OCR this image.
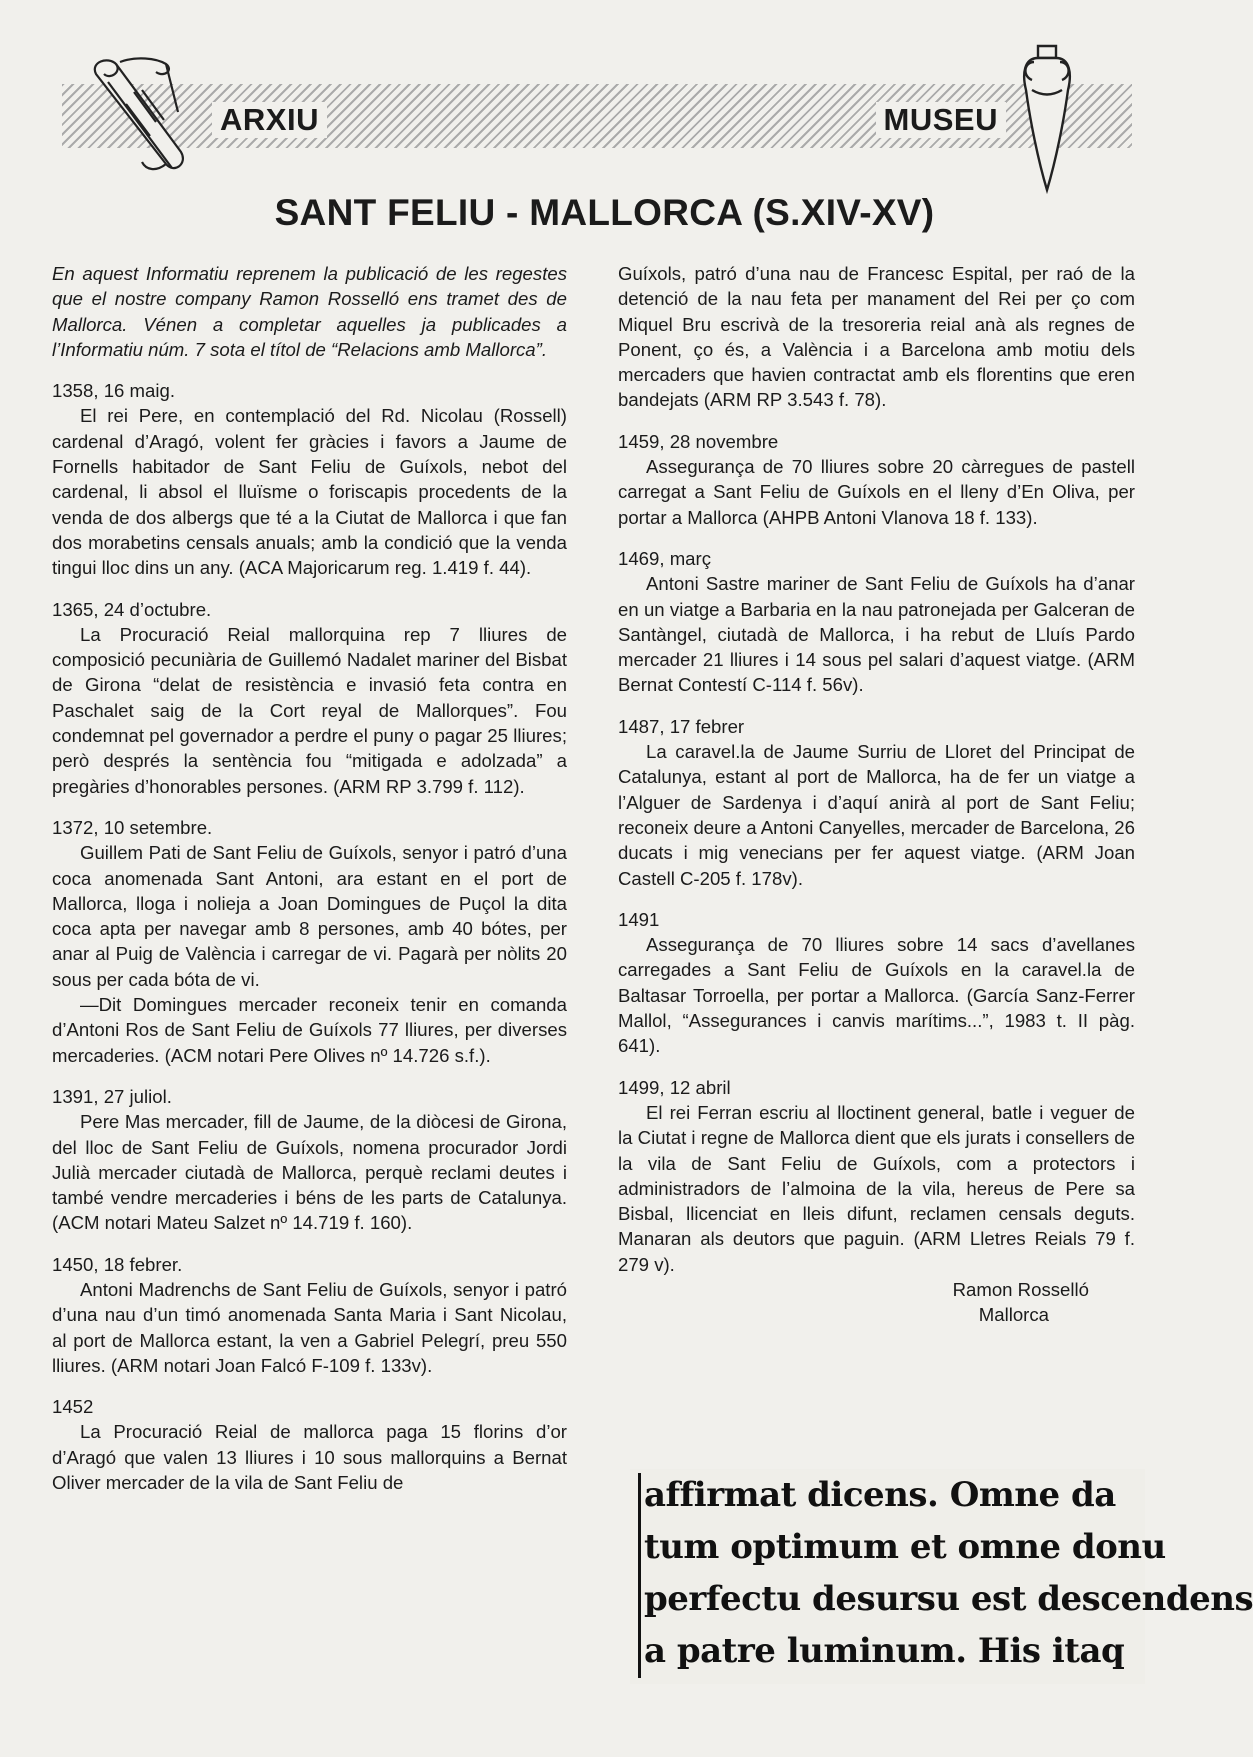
ARXIU	MUSEU
SANT FELIU - MALLORCA (S.XIV-XV)

En aquest Informatiu reprenem la publicació de les regestes que el nostre company Ramon Rosselló ens tramet des de Mallorca. Vénen a completar aquelles ja publicades a l’Informatiu núm. 7 sota el títol de “Relacions amb Mallorca”.

1358, 16 maig.

El rei Pere, en contemplació del Rd. Nicolau (Rossell) cardenal d’Aragó, volent fer gràcies i favors a Jaume de Fornells habitador de Sant Feliu de Guíxols, nebot del cardenal, li absol el lluïsme o foriscapis procedents de la venda de dos albergs que té a la Ciutat de Mallorca i que fan dos morabetins censals anuals; amb la condició que la venda tingui lloc dins un any. (ACA Majoricarum reg. 1.419 f. 44).

1365, 24 d’octubre.

La Procuració Reial mallorquina rep 7 lliures de composició pecuniària de Guillemó Nadalet mariner del Bisbat de Girona “delat de resistència e invasió feta contra en Paschalet saig de la Cort reyal de Mallorques”. Fou condemnat pel governador a perdre el puny o pagar 25 lliures; però després la sentència fou “mitigada e adolzada” a pregàries d’honorables persones. (ARM RP 3.799 f. 112).

1372, 10 setembre.

Guillem Pati de Sant Feliu de Guíxols, senyor i patró d’una coca anomenada Sant Antoni, ara estant en el port de Mallorca, lloga i nolieja a Joan Domingues de Puçol la dita coca apta per navegar amb 8 persones, amb 40 bótes, per anar al Puig de València i carregar de vi. Pagarà per nòlits 20 sous per cada bóta de vi.

—Dit Domingues mercader reconeix tenir en comanda d’Antoni Ros de Sant Feliu de Guíxols 77 lliures, per diverses mercaderies. (ACM notari Pere Olives nº 14.726 s.f.).

1391, 27 juliol.

Pere Mas mercader, fill de Jaume, de la diòcesi de Girona, del lloc de Sant Feliu de Guíxols, nomena procurador Jordi Julià mercader ciutadà de Mallorca, perquè reclami deutes i també vendre mercaderies i béns de les parts de Catalunya. (ACM notari Mateu Salzet nº 14.719 f. 160).

1450, 18 febrer.

Antoni Madrenchs de Sant Feliu de Guíxols, senyor i patró d’una nau d’un timó anomenada Santa Maria i Sant Nicolau, al port de Mallorca estant, la ven a Gabriel Pelegrí, preu 550 lliures. (ARM notari Joan Falcó F-109 f. 133v).

1452

La Procuració Reial de mallorca paga 15 florins d’or d’Aragó que valen 13 lliures i 10 sous mallorquins a Bernat Oliver mercader de la vila de Sant Feliu de

Guíxols, patró d’una nau de Francesc Espital, per raó de la detenció de la nau feta per manament del Rei per ço com Miquel Bru escrivà de la tresoreria reial anà als regnes de Ponent, ço és, a València i a Barcelona amb motiu dels mercaders que havien contractat amb els florentins que eren bandejats (ARM RP 3.543 f. 78).

1459, 28 novembre

Assegurança de 70 lliures sobre 20 càrregues de pastell carregat a Sant Feliu de Guíxols en el lleny d’En Oliva, per portar a Mallorca (AHPB Antoni Vlanova 18 f. 133).

1469, març

Antoni Sastre mariner de Sant Feliu de Guíxols ha d’anar en un viatge a Barbaria en la nau patronejada per Galceran de Santàngel, ciutadà de Mallorca, i ha rebut de Lluís Pardo mercader 21 lliures i 14 sous pel salari d’aquest viatge. (ARM Bernat Contestí C-114 f. 56v).

1487, 17 febrer

La caravel.la de Jaume Surriu de Lloret del Principat de Catalunya, estant al port de Mallorca, ha de fer un viatge a l’Alguer de Sardenya i d’aquí anirà al port de Sant Feliu; reconeix deure a Antoni Canyelles, mercader de Barcelona, 26 ducats i mig venecians per fer aquest viatge. (ARM Joan Castell C-205 f. 178v).

1491

Assegurança de 70 lliures sobre 14 sacs d’avellanes carregades a Sant Feliu de Guíxols en la caravel.la de Baltasar Torroella, per portar a Mallorca. (García Sanz-Ferrer Mallol, “Assegurances i canvis marítims...”, 1983 t. II pàg. 641).

1499, 12 abril

El rei Ferran escriu al lloctinent general, batle i veguer de la Ciutat i regne de Mallorca dient que els jurats i consellers de la vila de Sant Feliu de Guíxols, com a protectors i administradors de l’almoina de la vila, hereus de Pere sa Bisbal, llicenciat en lleis difunt, reclamen censals deguts. Manaran als deutors que paguin. (ARM Lletres Reials 79 f. 279 v).

Ramon Rosselló
Mallorca
affirmat dicens. Omne da
tum optimum et omne donu
perfectu desursu est descendens
a patre luminum. His itaq
